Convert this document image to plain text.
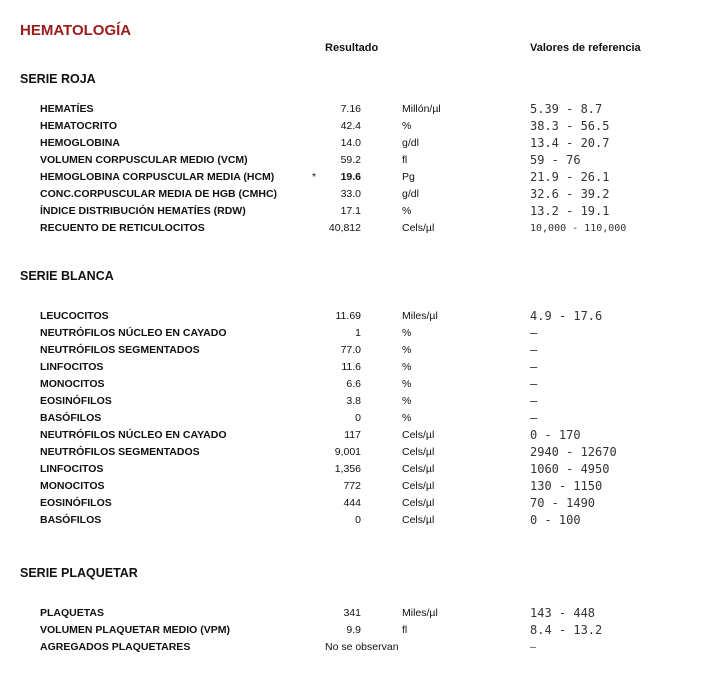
HEMATOLOGÍA
Resultado	Valores de referencia
SERIE ROJA
HEMATÍES	7.16	Millón/µl	5.39 - 8.7
HEMATOCRITO	42.4	%	38.3 - 56.5
HEMOGLOBINA	14.0	g/dl	13.4 - 20.7
VOLUMEN CORPUSCULAR MEDIO (VCM)	59.2	fl	59 - 76
HEMOGLOBINA CORPUSCULAR MEDIA (HCM)	* 19.6	Pg	21.9 - 26.1
CONC.CORPUSCULAR MEDIA DE HGB (CMHC)	33.0	g/dl	32.6 - 39.2
ÍNDICE DISTRIBUCIÓN HEMATÍES (RDW)	17.1	%	13.2 - 19.1
RECUENTO DE RETICULOCITOS	40,812	Cels/µl	10,000 - 110,000
SERIE BLANCA
LEUCOCITOS	11.69	Miles/µl	4.9 - 17.6
NEUTRÓFILOS NÚCLEO EN CAYADO	1	%	–
NEUTRÓFILOS SEGMENTADOS	77.0	%	–
LINFOCITOS	11.6	%	–
MONOCITOS	6.6	%	–
EOSINÓFILOS	3.8	%	–
BASÓFILOS	0	%	–
NEUTRÓFILOS NÚCLEO EN CAYADO	117	Cels/µl	0 - 170
NEUTRÓFILOS SEGMENTADOS	9,001	Cels/µl	2940 - 12670
LINFOCITOS	1,356	Cels/µl	1060 - 4950
MONOCITOS	772	Cels/µl	130 - 1150
EOSINÓFILOS	444	Cels/µl	70 - 1490
BASÓFILOS	0	Cels/µl	0 - 100
SERIE PLAQUETAR
PLAQUETAS	341	Miles/µl	143 - 448
VOLUMEN PLAQUETAR MEDIO (VPM)	9.9	fl	8.4 - 13.2
AGREGADOS PLAQUETARES	No se observan	–
